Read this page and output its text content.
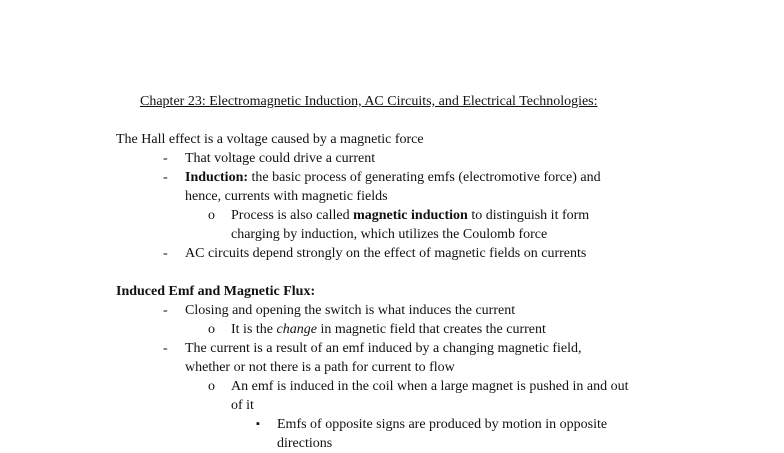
Chapter 23: Electromagnetic Induction, AC Circuits, and Electrical Technologies:
The Hall effect is a voltage caused by a magnetic force
- That voltage could drive a current
- Induction: the basic process of generating emfs (electromotive force) and
hence, currents with magnetic fields
o Process is also called magnetic induction to distinguish it form
charging by induction, which utilizes the Coulomb force
- AC circuits depend strongly on the effect of magnetic fields on currents
Induced Emf and Magnetic Flux:
- Closing and opening the switch is what induces the current
o It is the change in magnetic field that creates the current
- The current is a result of an emf induced by a changing magnetic field,
whether or not there is a path for current to flow
o An emf is induced in the coil when a large magnet is pushed in and out
of it
▪ Emfs of opposite signs are produced by motion in opposite
directions
